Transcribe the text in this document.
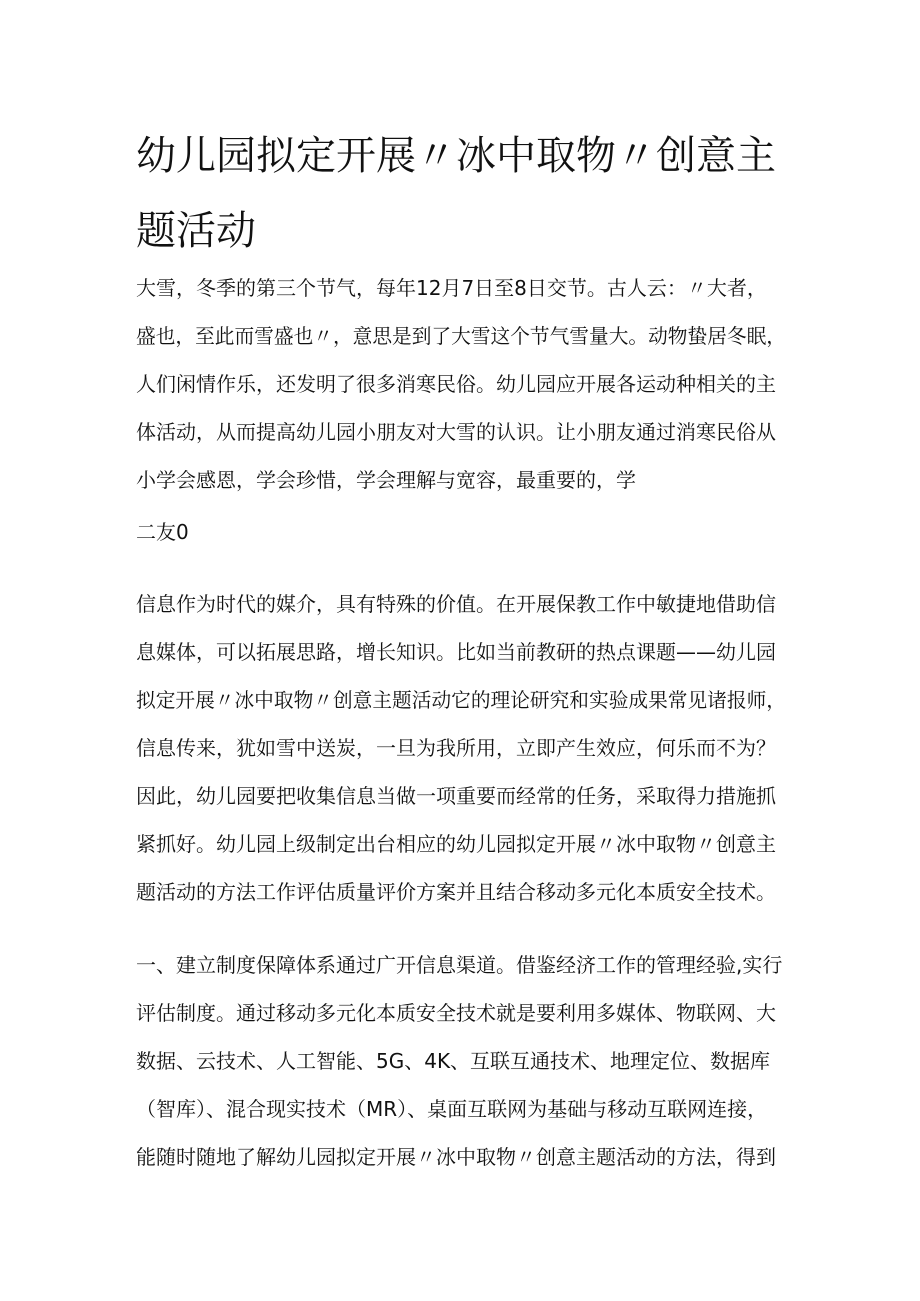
幼儿园拟定开展〃冰中取物〃创意主
题活动
大雪，冬季的第三个节气，每年12月7日至8日交节。古人云：〃大者，
盛也，至此而雪盛也〃，意思是到了大雪这个节气雪量大。动物蛰居冬眠，
人们闲情作乐，还发明了很多消寒民俗。幼儿园应开展各运动种相关的主
体活动，从而提高幼儿园小朋友对大雪的认识。让小朋友通过消寒民俗从
小学会感恩，学会珍惜，学会理解与宽容，最重要的，学
二友0
信息作为时代的媒介，具有特殊的价值。在开展保教工作中敏捷地借助信
息媒体，可以拓展思路，增长知识。比如当前教研的热点课题——幼儿园
拟定开展〃冰中取物〃创意主题活动它的理论研究和实验成果常见诸报师，
信息传来，犹如雪中送炭，一旦为我所用，立即产生效应，何乐而不为？
因此，幼儿园要把收集信息当做一项重要而经常的任务，采取得力措施抓
紧抓好。幼儿园上级制定出台相应的幼儿园拟定开展〃冰中取物〃创意主
题活动的方法工作评估质量评价方案并且结合移动多元化本质安全技术。
一、建立制度保障体系通过广开信息渠道。借鉴经济工作的管理经验,实行
评估制度。通过移动多元化本质安全技术就是要利用多媒体、物联网、大
数据、云技术、人工智能、5G、4K、互联互通技术、地理定位、数据库
（智库）、混合现实技术（MR）、桌面互联网为基础与移动互联网连接，
能随时随地了解幼儿园拟定开展〃冰中取物〃创意主题活动的方法，得到
